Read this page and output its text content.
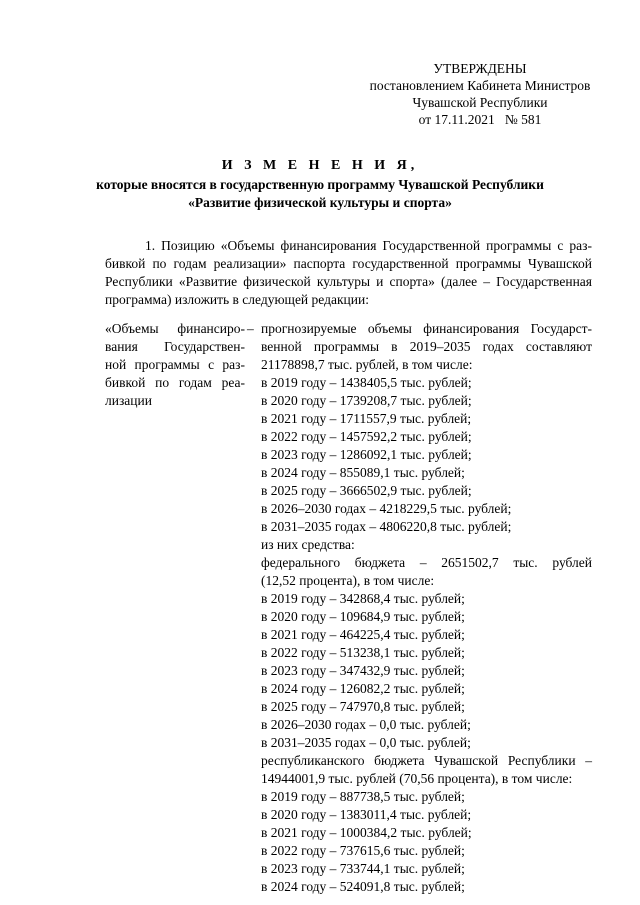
УТВЕРЖДЕНЫ
постановлением Кабинета Министров
Чувашской Республики
от 17.11.2021   № 581
И З М Е Н Е Н И Я,
которые вносятся в государственную программу Чувашской Республики
«Развитие физической культуры и спорта»
1. Позицию «Объемы финансирования Государственной программы с раз-
бивкой по годам реализации» паспорта государственной программы Чувашской
Республики «Развитие физической культуры и спорта» (далее – Государственная
программа) изложить в следующей редакции:
«Объемы финансиро-
вания Государствен-
ной программы с раз-
бивкой по годам реа-
лизации
– прогнозируемые объемы финансирования Государст-
венной программы в 2019–2035 годах составляют
21178898,7 тыс. рублей, в том числе:
в 2019 году – 1438405,5 тыс. рублей;
в 2020 году – 1739208,7 тыс. рублей;
в 2021 году – 1711557,9 тыс. рублей;
в 2022 году – 1457592,2 тыс. рублей;
в 2023 году – 1286092,1 тыс. рублей;
в 2024 году – 855089,1 тыс. рублей;
в 2025 году – 3666502,9 тыс. рублей;
в 2026–2030 годах – 4218229,5 тыс. рублей;
в 2031–2035 годах – 4806220,8 тыс. рублей;
из них средства:
федерального бюджета – 2651502,7 тыс. рублей
(12,52 процента), в том числе:
в 2019 году – 342868,4 тыс. рублей;
в 2020 году – 109684,9 тыс. рублей;
в 2021 году – 464225,4 тыс. рублей;
в 2022 году – 513238,1 тыс. рублей;
в 2023 году – 347432,9 тыс. рублей;
в 2024 году – 126082,2 тыс. рублей;
в 2025 году – 747970,8 тыс. рублей;
в 2026–2030 годах – 0,0 тыс. рублей;
в 2031–2035 годах – 0,0 тыс. рублей;
республиканского бюджета Чувашской Республики –
14944001,9 тыс. рублей (70,56 процента), в том числе:
в 2019 году – 887738,5 тыс. рублей;
в 2020 году – 1383011,4 тыс. рублей;
в 2021 году – 1000384,2 тыс. рублей;
в 2022 году – 737615,6 тыс. рублей;
в 2023 году – 733744,1 тыс. рублей;
в 2024 году – 524091,8 тыс. рублей;
